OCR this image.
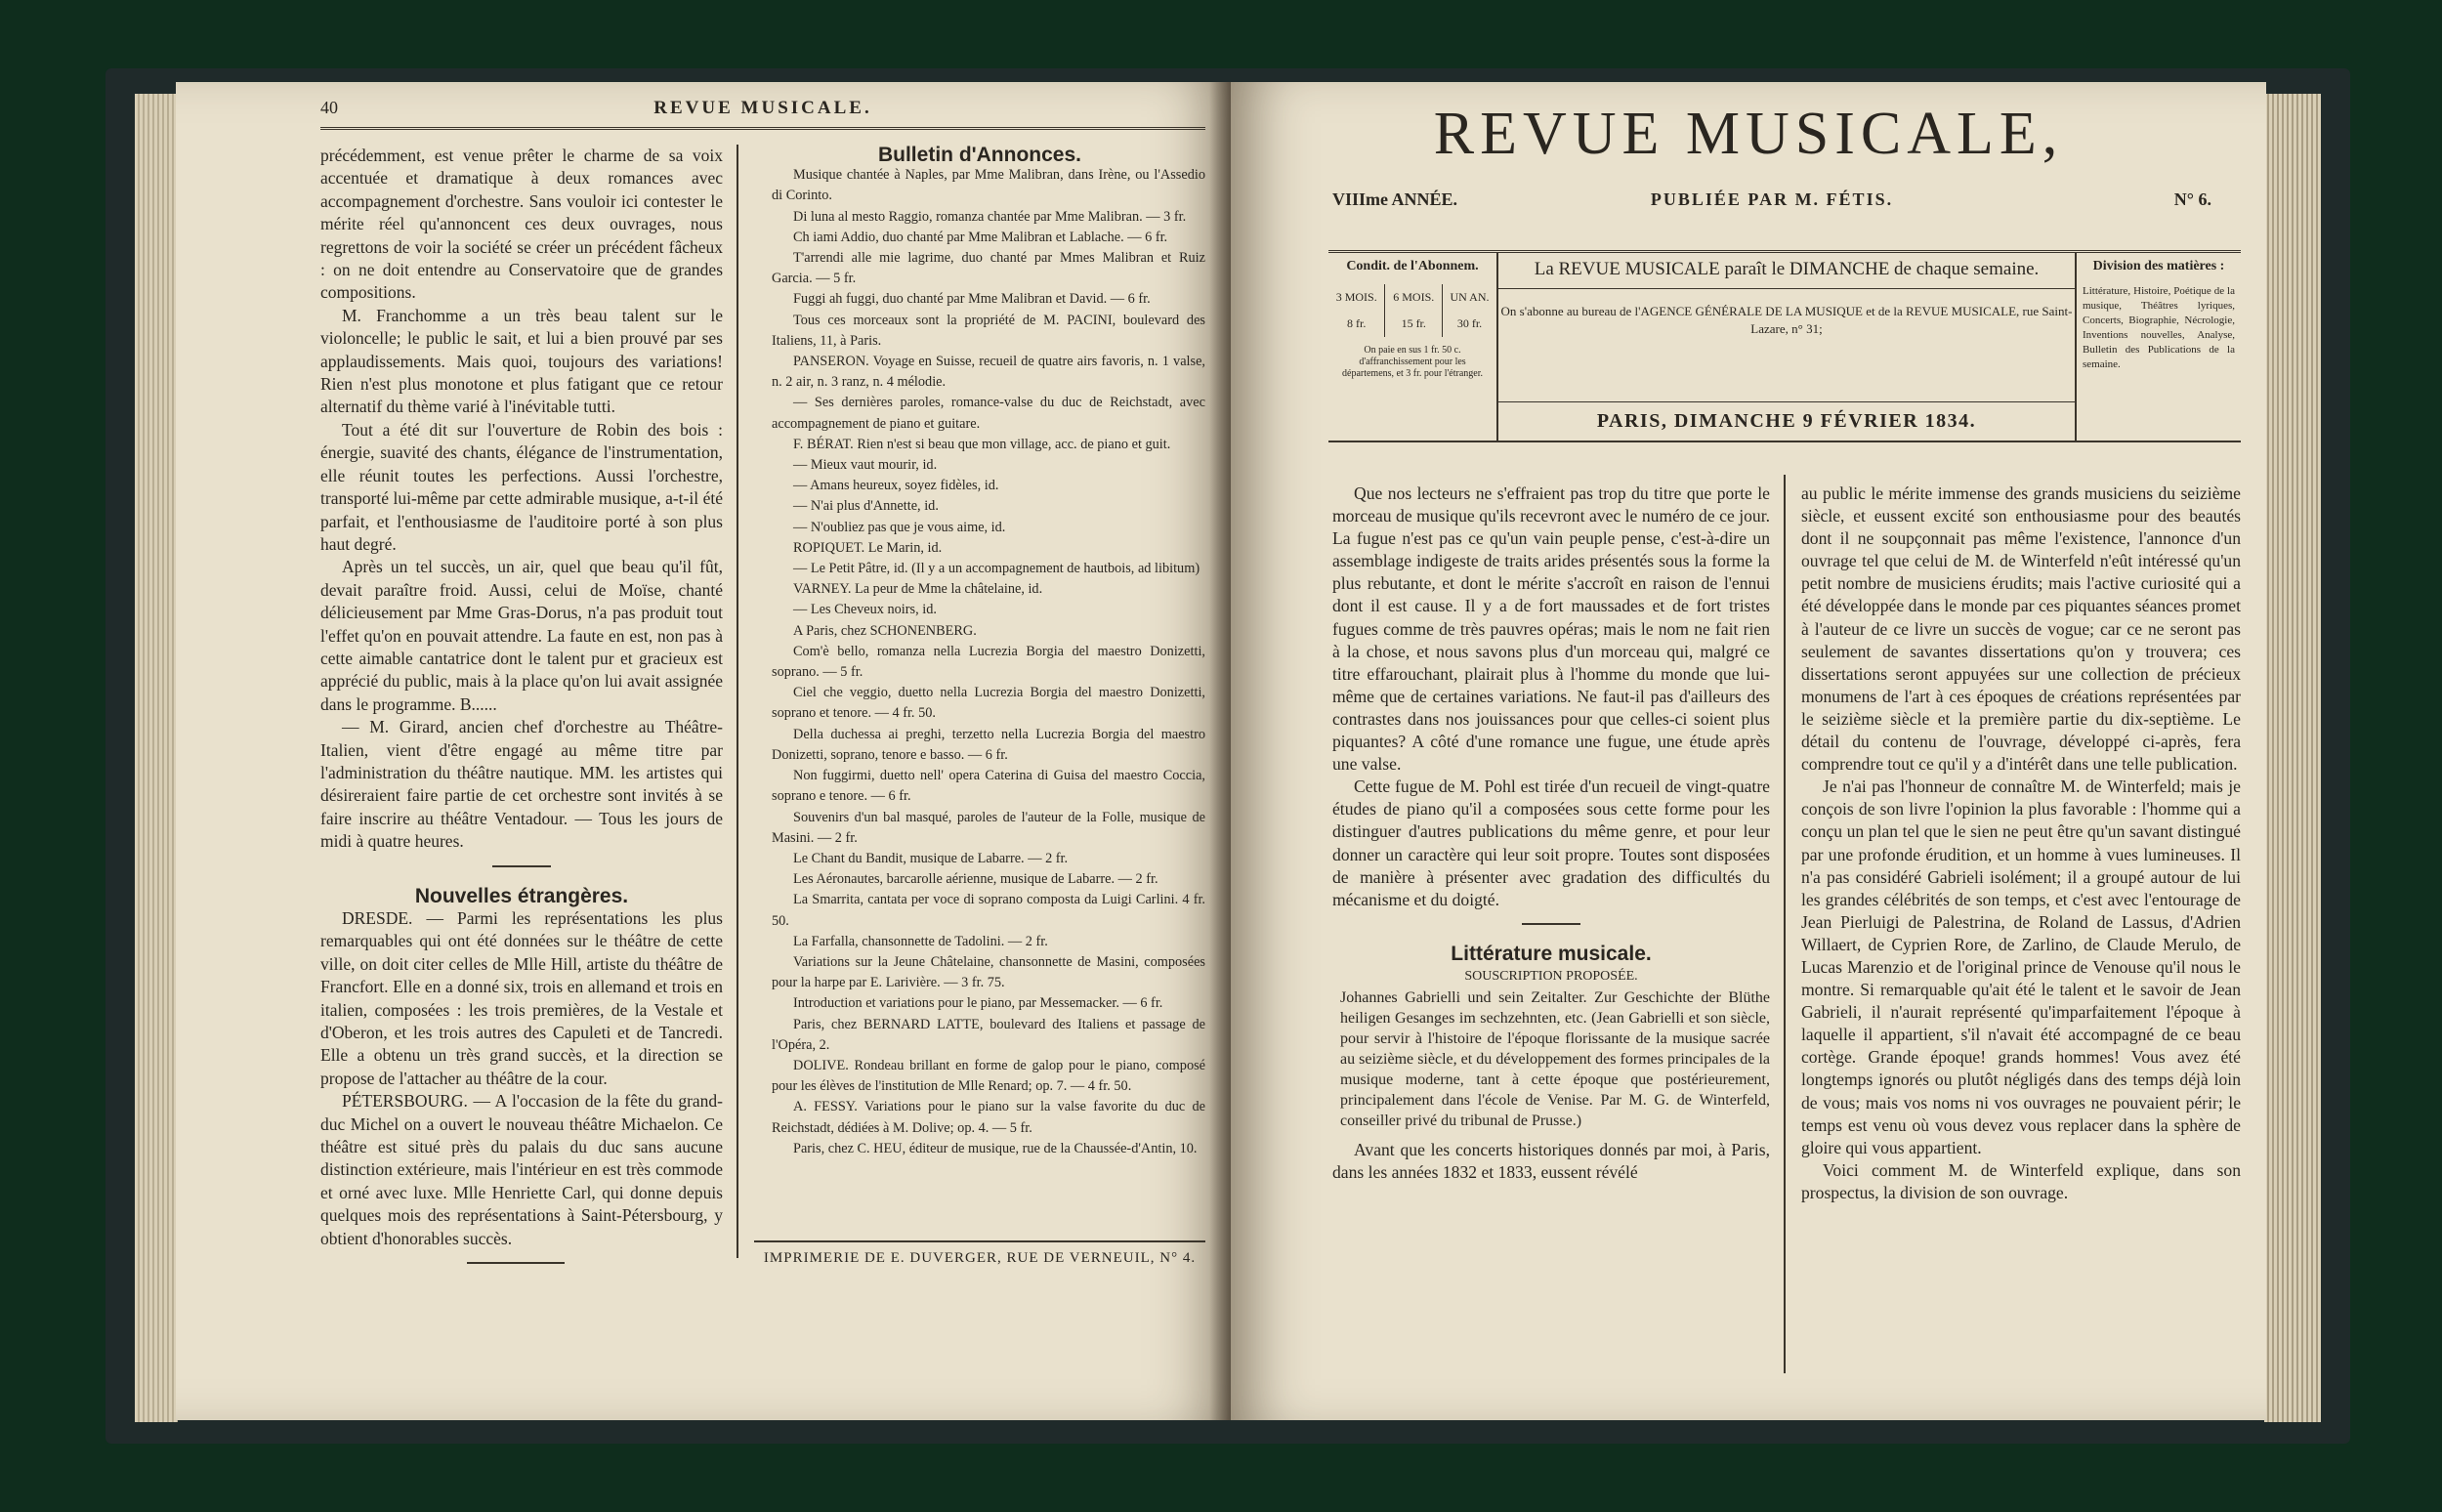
40	REVUE MUSICALE.

précédemment, est venue prêter le charme de sa voix accentuée et dramatique à deux romances avec accompagnement d'orchestre. Sans vouloir ici contester le mérite réel qu'annoncent ces deux ouvrages, nous regrettons de voir la société se créer un précédent fâcheux : on ne doit entendre au Conservatoire que de grandes compositions.

M. Franchomme a un très beau talent sur le violoncelle; le public le sait, et lui a bien prouvé par ses applaudissements. Mais quoi, toujours des variations! Rien n'est plus monotone et plus fatigant que ce retour alternatif du thème varié à l'inévitable tutti.

Tout a été dit sur l'ouverture de Robin des bois : énergie, suavité des chants, élégance de l'instrumentation, elle réunit toutes les perfections. Aussi l'orchestre, transporté lui-même par cette admirable musique, a-t-il été parfait, et l'enthousiasme de l'auditoire porté à son plus haut degré.

Après un tel succès, un air, quel que beau qu'il fût, devait paraître froid. Aussi, celui de Moïse, chanté délicieusement par Mme Gras-Dorus, n'a pas produit tout l'effet qu'on en pouvait attendre. La faute en est, non pas à cette aimable cantatrice dont le talent pur et gracieux est apprécié du public, mais à la place qu'on lui avait assignée dans le programme. B......

— M. Girard, ancien chef d'orchestre au Théâtre-Italien, vient d'être engagé au même titre par l'administration du théâtre nautique. MM. les artistes qui désireraient faire partie de cet orchestre sont invités à se faire inscrire au théâtre Ventadour. — Tous les jours de midi à quatre heures.

Nouvelles étrangères.

DRESDE. — Parmi les représentations les plus remarquables qui ont été données sur le théâtre de cette ville, on doit citer celles de Mlle Hill, artiste du théâtre de Francfort. Elle en a donné six, trois en allemand et trois en italien, composées : les trois premières, de la Vestale et d'Oberon, et les trois autres des Capuleti et de Tancredi. Elle a obtenu un très grand succès, et la direction se propose de l'attacher au théâtre de la cour.

PÉTERSBOURG. — A l'occasion de la fête du grand-duc Michel on a ouvert le nouveau théâtre Michaelon. Ce théâtre est situé près du palais du duc sans aucune distinction extérieure, mais l'intérieur en est très commode et orné avec luxe. Mlle Henriette Carl, qui donne depuis quelques mois des représentations à Saint-Pétersbourg, y obtient d'honorables succès.

Bulletin d'Annonces.

Musique chantée à Naples, par Mme Malibran, dans Irène, ou l'Assedio di Corinto.

Di luna al mesto Raggio, romanza chantée par Mme Malibran. — 3 fr.

Ch iami Addio, duo chanté par Mme Malibran et Lablache. — 6 fr.

T'arrendi alle mie lagrime, duo chanté par Mmes Malibran et Ruiz Garcia. — 5 fr.

Fuggi ah fuggi, duo chanté par Mme Malibran et David. — 6 fr.

Tous ces morceaux sont la propriété de M. PACINI, boulevard des Italiens, 11, à Paris.

PANSERON. Voyage en Suisse, recueil de quatre airs favoris, n. 1 valse, n. 2 air, n. 3 ranz, n. 4 mélodie.

— Ses dernières paroles, romance-valse du duc de Reichstadt, avec accompagnement de piano et guitare.

F. BÉRAT. Rien n'est si beau que mon village, acc. de piano et guit.

— Mieux vaut mourir, id.

— Amans heureux, soyez fidèles, id.

— N'ai plus d'Annette, id.

— N'oubliez pas que je vous aime, id.

ROPIQUET. Le Marin, id.

— Le Petit Pâtre, id. (Il y a un accompagnement de hautbois, ad libitum)

VARNEY. La peur de Mme la châtelaine, id.

— Les Cheveux noirs, id.

A Paris, chez SCHONENBERG.

Com'è bello, romanza nella Lucrezia Borgia del maestro Donizetti, soprano. — 5 fr.

Ciel che veggio, duetto nella Lucrezia Borgia del maestro Donizetti, soprano et tenore. — 4 fr. 50.

Della duchessa ai preghi, terzetto nella Lucrezia Borgia del maestro Donizetti, soprano, tenore e basso. — 6 fr.

Non fuggirmi, duetto nell' opera Caterina di Guisa del maestro Coccia, soprano e tenore. — 6 fr.

Souvenirs d'un bal masqué, paroles de l'auteur de la Folle, musique de Masini. — 2 fr.

Le Chant du Bandit, musique de Labarre. — 2 fr.

Les Aéronautes, barcarolle aérienne, musique de Labarre. — 2 fr.

La Smarrita, cantata per voce di soprano composta da Luigi Carlini. 4 fr. 50.

La Farfalla, chansonnette de Tadolini. — 2 fr.

Variations sur la Jeune Châtelaine, chansonnette de Masini, composées pour la harpe par E. Larivière. — 3 fr. 75.

Introduction et variations pour le piano, par Messemacker. — 6 fr.

Paris, chez BERNARD LATTE, boulevard des Italiens et passage de l'Opéra, 2.

DOLIVE. Rondeau brillant en forme de galop pour le piano, composé pour les élèves de l'institution de Mlle Renard; op. 7. — 4 fr. 50.

A. FESSY. Variations pour le piano sur la valse favorite du duc de Reichstadt, dédiées à M. Dolive; op. 4. — 5 fr.

Paris, chez C. HEU, éditeur de musique, rue de la Chaussée-d'Antin, 10.

IMPRIMERIE DE E. DUVERGER, RUE DE VERNEUIL, N° 4.
REVUE MUSICALE,
VIIIme ANNÉE.	PUBLIÉE PAR M. FÉTIS.	N° 6.
Condit. de l'Abonnem.
3 MOIS.	6 MOIS.	UN AN.
8 fr.	15 fr.	30 fr.
On paie en sus 1 fr. 50 c. d'affranchissement pour les départemens, et 3 fr. pour l'étranger.
La REVUE MUSICALE paraît le DIMANCHE de chaque semaine.
On s'abonne au bureau de l'AGENCE GÉNÉRALE DE LA MUSIQUE et de la REVUE MUSICALE, rue Saint-Lazare, n° 31;
PARIS, DIMANCHE 9 FÉVRIER 1834.
Division des matières :
Littérature, Histoire, Poétique de la musique, Théâtres lyriques, Concerts, Biographie, Nécrologie, Inventions nouvelles, Analyse, Bulletin des Publications de la semaine.

Que nos lecteurs ne s'effraient pas trop du titre que porte le morceau de musique qu'ils recevront avec le numéro de ce jour. La fugue n'est pas ce qu'un vain peuple pense, c'est-à-dire un assemblage indigeste de traits arides présentés sous la forme la plus rebutante, et dont le mérite s'accroît en raison de l'ennui dont il est cause. Il y a de fort maussades et de fort tristes fugues comme de très pauvres opéras; mais le nom ne fait rien à la chose, et nous savons plus d'un morceau qui, malgré ce titre effarouchant, plairait plus à l'homme du monde que lui-même que de certaines variations. Ne faut-il pas d'ailleurs des contrastes dans nos jouissances pour que celles-ci soient plus piquantes? A côté d'une romance une fugue, une étude après une valse.

Cette fugue de M. Pohl est tirée d'un recueil de vingt-quatre études de piano qu'il a composées sous cette forme pour les distinguer d'autres publications du même genre, et pour leur donner un caractère qui leur soit propre. Toutes sont disposées de manière à présenter avec gradation des difficultés du mécanisme et du doigté.

Littérature musicale.

SOUSCRIPTION PROPOSÉE.

Johannes Gabrielli und sein Zeitalter. Zur Geschichte der Blüthe heiligen Gesanges im sechzehnten, etc. (Jean Gabrielli et son siècle, pour servir à l'histoire de l'époque florissante de la musique sacrée au seizième siècle, et du développement des formes principales de la musique moderne, tant à cette époque que postérieurement, principalement dans l'école de Venise. Par M. G. de Winterfeld, conseiller privé du tribunal de Prusse.)

Avant que les concerts historiques donnés par moi, à Paris, dans les années 1832 et 1833, eussent révélé

au public le mérite immense des grands musiciens du seizième siècle, et eussent excité son enthousiasme pour des beautés dont il ne soupçonnait pas même l'existence, l'annonce d'un ouvrage tel que celui de M. de Winterfeld n'eût intéressé qu'un petit nombre de musiciens érudits; mais l'active curiosité qui a été développée dans le monde par ces piquantes séances promet à l'auteur de ce livre un succès de vogue; car ce ne seront pas seulement de savantes dissertations qu'on y trouvera; ces dissertations seront appuyées sur une collection de précieux monumens de l'art à ces époques de créations représentées par le seizième siècle et la première partie du dix-septième. Le détail du contenu de l'ouvrage, développé ci-après, fera comprendre tout ce qu'il y a d'intérêt dans une telle publication.

Je n'ai pas l'honneur de connaître M. de Winterfeld; mais je conçois de son livre l'opinion la plus favorable : l'homme qui a conçu un plan tel que le sien ne peut être qu'un savant distingué par une profonde érudition, et un homme à vues lumineuses. Il n'a pas considéré Gabrieli isolément; il a groupé autour de lui les grandes célébrités de son temps, et c'est avec l'entourage de Jean Pierluigi de Palestrina, de Roland de Lassus, d'Adrien Willaert, de Cyprien Rore, de Zarlino, de Claude Merulo, de Lucas Marenzio et de l'original prince de Venouse qu'il nous le montre. Si remarquable qu'ait été le talent et le savoir de Jean Gabrieli, il n'aurait représenté qu'imparfaitement l'époque à laquelle il appartient, s'il n'avait été accompagné de ce beau cortège. Grande époque! grands hommes! Vous avez été longtemps ignorés ou plutôt négligés dans des temps déjà loin de vous; mais vos noms ni vos ouvrages ne pouvaient périr; le temps est venu où vous devez vous replacer dans la sphère de gloire qui vous appartient.

Voici comment M. de Winterfeld explique, dans son prospectus, la division de son ouvrage.
